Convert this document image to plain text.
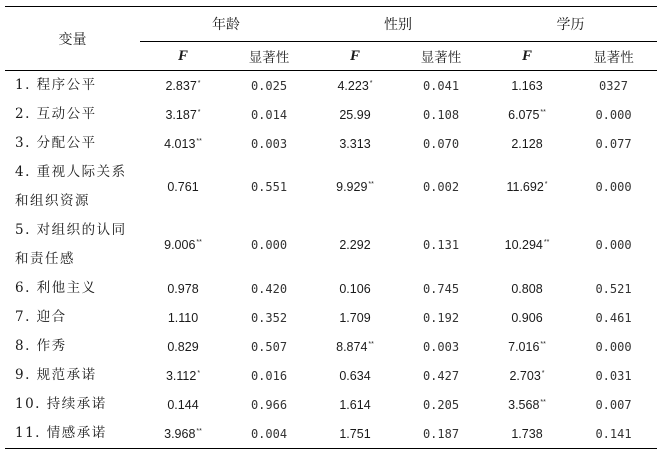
变量	年龄		性别		学历	
	F	显著性	F	显著性	F	显著性

1. 程序公平	2.837*	0.025	4.223*	0.041	1.163	0327

2. 互动公平	3.187*	0.014	25.99	0.108	6.075**	0.000

3. 分配公平	4.013**	0.003	3.313	0.070	2.128	0.077

4. 重视人际关系
和组织资源	0.761	0.551	9.929**	0.002	11.692*	0.000

5. 对组织的认同
和责任感	9.006**	0.000	2.292	0.131	10.294**	0.000

6. 利他主义	0.978	0.420	0.106	0.745	0.808	0.521

7. 迎合	1.110	0.352	1.709	0.192	0.906	0.461

8. 作秀	0.829	0.507	8.874**	0.003	7.016**	0.000

9. 规范承诺	3.112*	0.016	0.634	0.427	2.703*	0.031

10. 持续承诺	0.144	0.966	1.614	0.205	3.568**	0.007

11. 情感承诺	3.968**	0.004	1.751	0.187	1.738	0.141
